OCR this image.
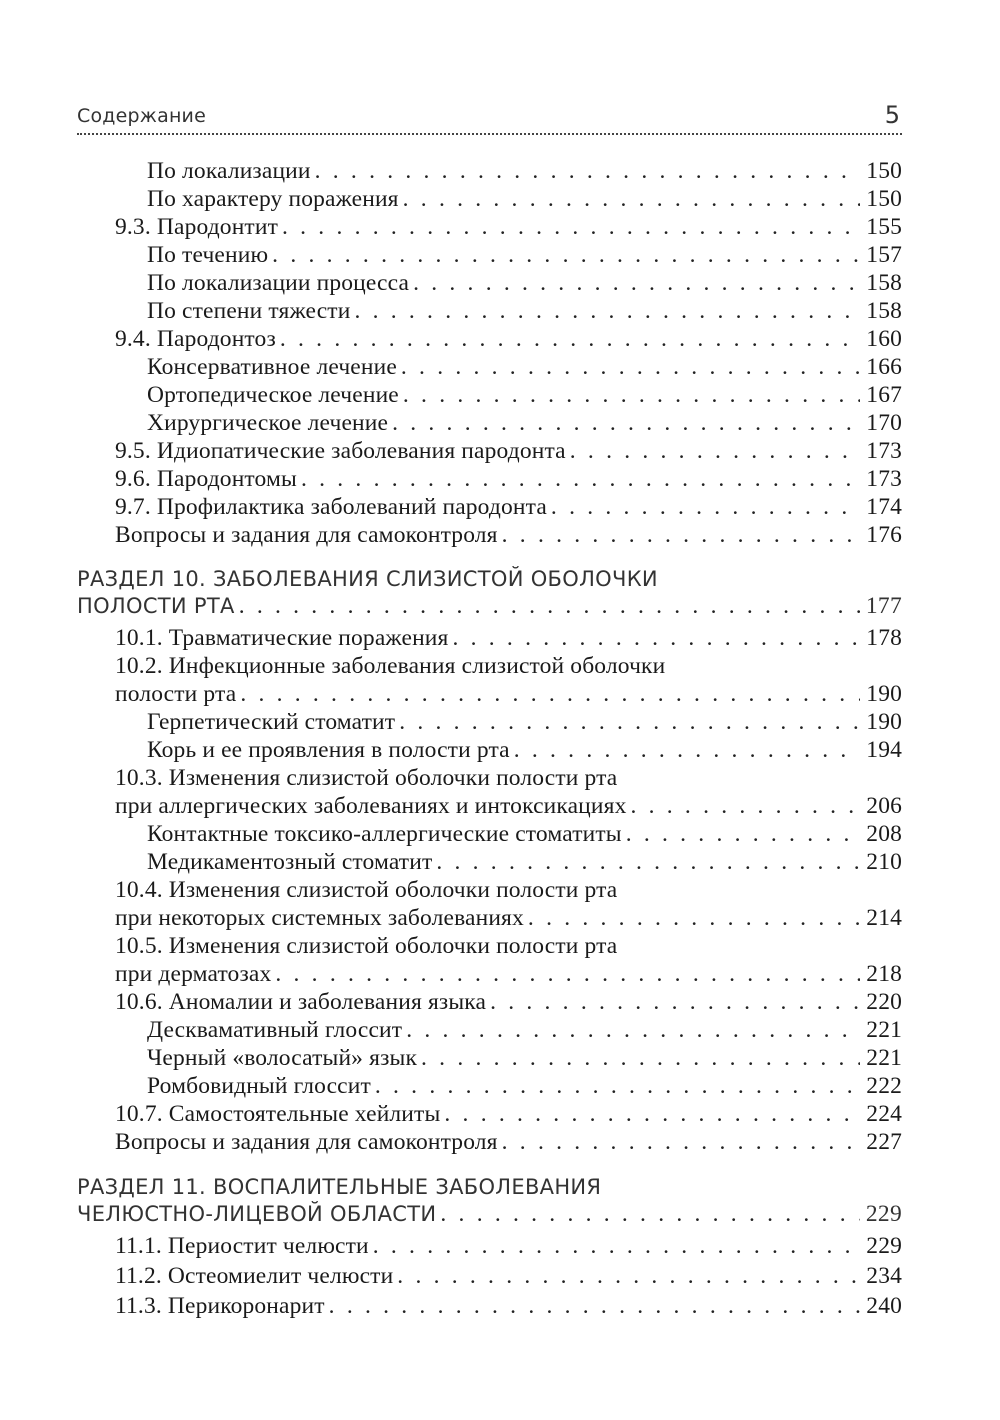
Содержание	5
По локализации . . .	150
По характеру поражения . . .	150
9.3. Пародонтит . . .	155
По течению . . .	157
По локализации процесса . . .	158
По степени тяжести . . .	158
9.4. Пародонтоз . . .	160
Консервативное лечение . . .	166
Ортопедическое лечение . . .	167
Хирургическое лечение . . .	170
9.5. Идиопатические заболевания пародонта . . .	173
9.6. Пародонтомы . . .	173
9.7. Профилактика заболеваний пародонта . . .	174
Вопросы и задания для самоконтроля . . .	176
РАЗДЕЛ 10. ЗАБОЛЕВАНИЯ СЛИЗИСТОЙ ОБОЛОЧКИ
ПОЛОСТИ РТА . . .	177
10.1. Травматические поражения . . .	178
10.2. Инфекционные заболевания слизистой оболочки
полости рта . . .	190
Герпетический стоматит . . .	190
Корь и ее проявления в полости рта . . .	194
10.3. Изменения слизистой оболочки полости рта
при аллергических заболеваниях и интоксикациях . . .	206
Контактные токсико-аллергические стоматиты . . .	208
Медикаментозный стоматит . . .	210
10.4. Изменения слизистой оболочки полости рта
при некоторых системных заболеваниях . . .	214
10.5. Изменения слизистой оболочки полости рта
при дерматозах . . .	218
10.6. Аномалии и заболевания языка . . .	220
Десквамативный глоссит . . .	221
Черный «волосатый» язык . . .	221
Ромбовидный глоссит . . .	222
10.7. Самостоятельные хейлиты . . .	224
Вопросы и задания для самоконтроля . . .	227
РАЗДЕЛ 11. ВОСПАЛИТЕЛЬНЫЕ ЗАБОЛЕВАНИЯ
ЧЕЛЮСТНО-ЛИЦЕВОЙ ОБЛАСТИ . . .	229
11.1. Периостит челюсти . . .	229
11.2. Остеомиелит челюсти . . .	234
11.3. Перикоронарит . . .	240
